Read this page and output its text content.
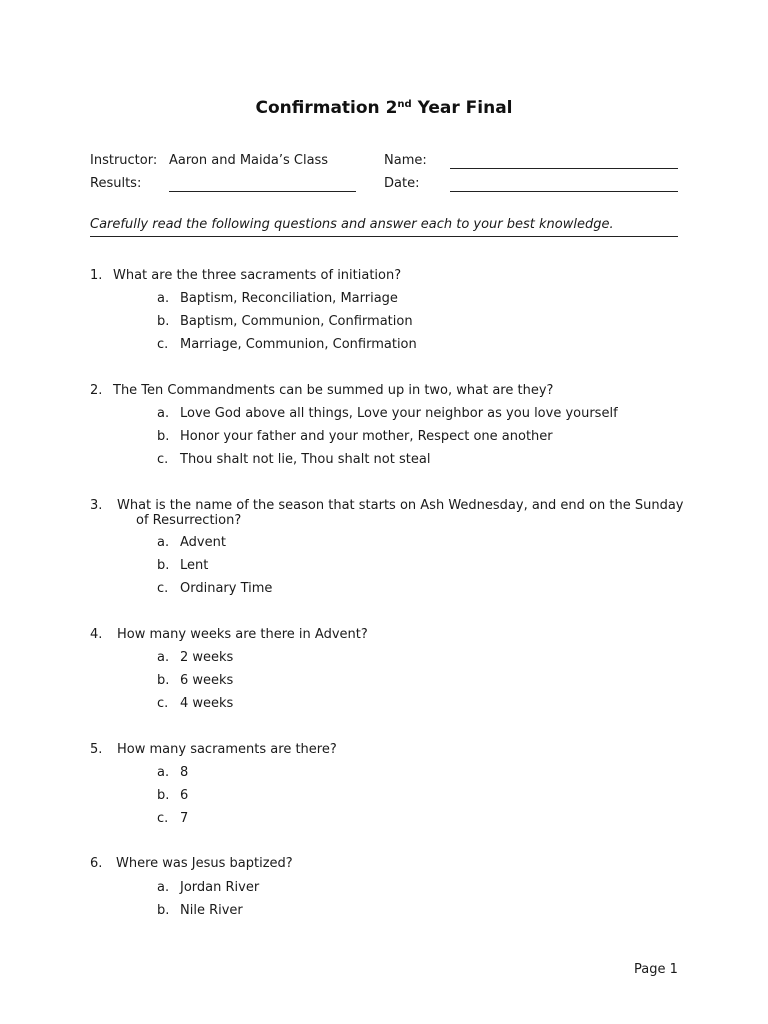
Confirmation 2nd Year Final
Instructor: Aaron and Maida’s Class	Name:
Results:	Date:
Carefully read the following questions and answer each to your best knowledge.
1. What are the three sacraments of initiation?
a. Baptism, Reconciliation, Marriage
b. Baptism, Communion, Confirmation
c. Marriage, Communion, Confirmation
2. The Ten Commandments can be summed up in two, what are they?
a. Love God above all things, Love your neighbor as you love yourself
b. Honor your father and your mother, Respect one another
c. Thou shalt not lie, Thou shalt not steal
3.	What is the name of the season that starts on Ash Wednesday, and end on the Sunday
of Resurrection?
a. Advent
b. Lent
c. Ordinary Time
4.	How many weeks are there in Advent?
a. 2 weeks
b. 6 weeks
c. 4 weeks
5.	How many sacraments are there?
a. 8
b. 6
c. 7
6.	Where was Jesus baptized?
a. Jordan River
b. Nile River
Page 1
